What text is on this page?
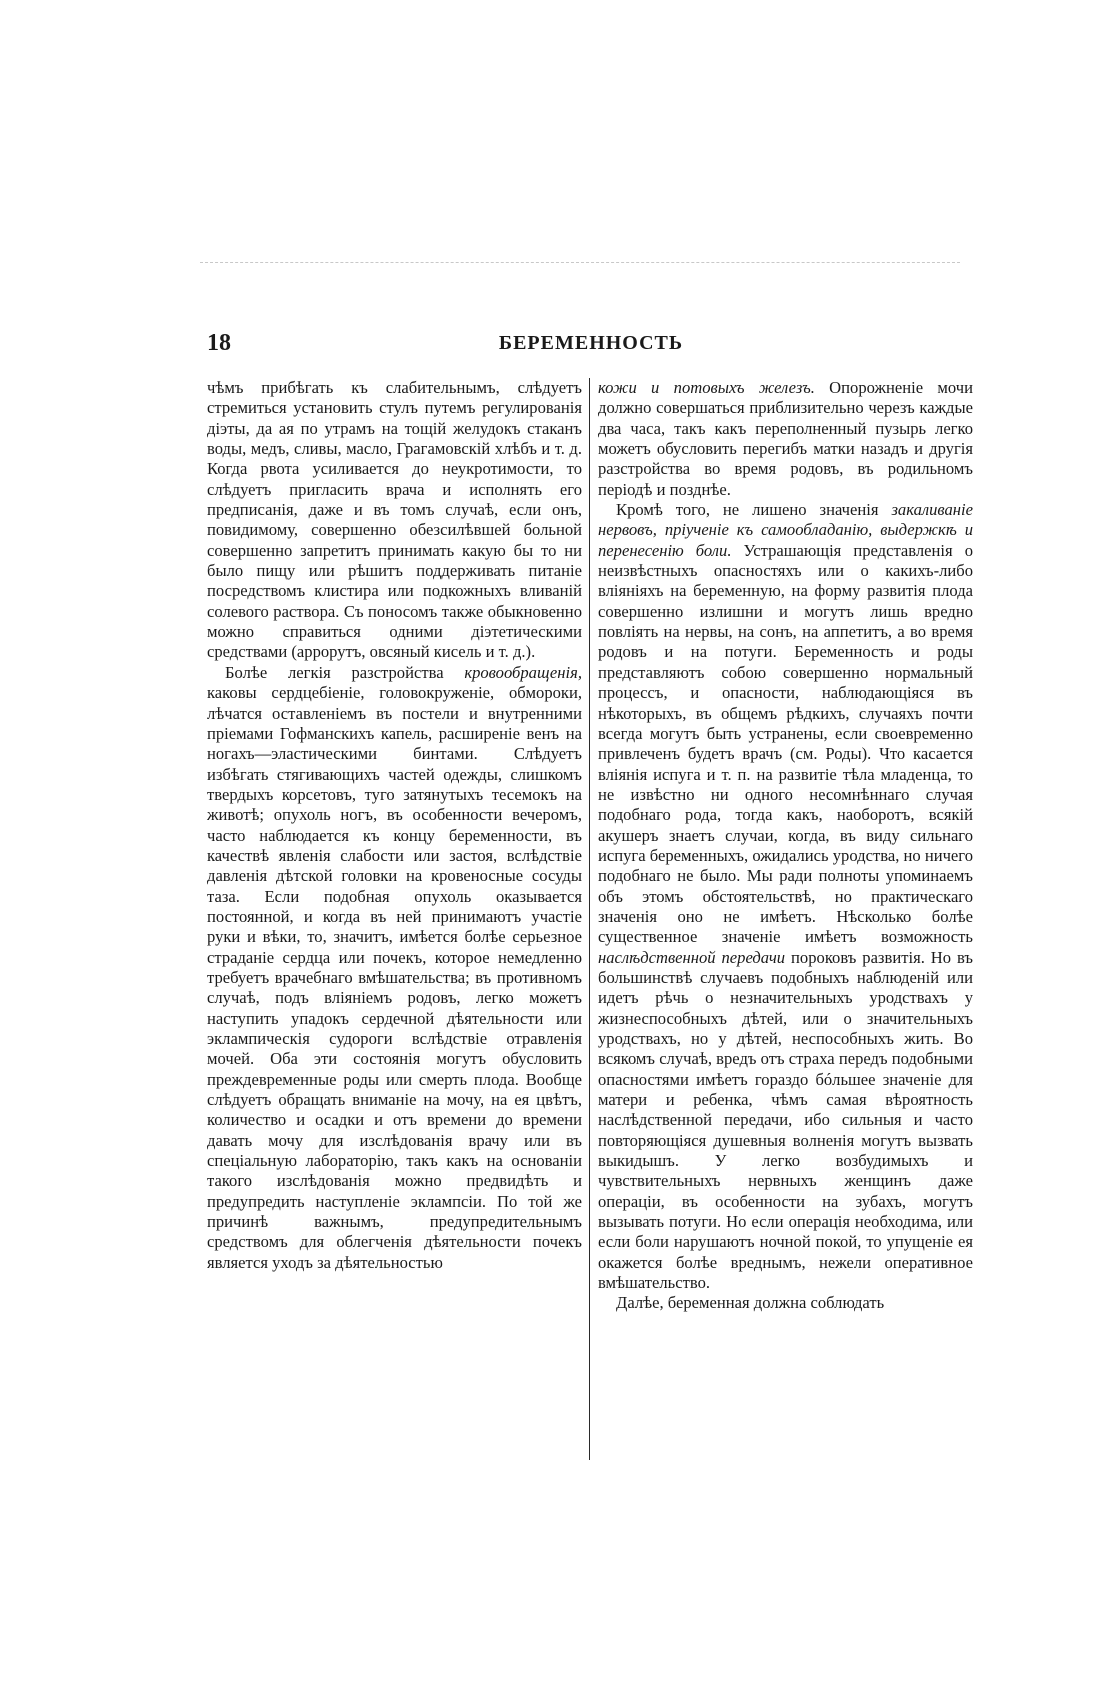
18	БЕРЕМЕННОСТЬ

чѣмъ прибѣгать къ слабительнымъ, слѣдуетъ стремиться установить стулъ путемъ регулированія діэты, да ая по утрамъ на тощій желудокъ стаканъ воды, медъ, сливы, масло, Грагамовскій хлѣбъ и т. д. Когда рвота усиливается до неукротимости, то слѣдуетъ пригласить врача и исполнять его предписанія, даже и въ томъ случаѣ, если онъ, повидимому, совершенно обезсилѣвшей больной совершенно запретитъ принимать какую бы то ни было пищу или рѣшитъ поддерживать питаніе посредствомъ клистира или подкожныхъ вливаній солевого раствора. Съ поносомъ также обыкновенно можно справиться одними діэтетическими средствами (аррорутъ, овсяный кисель и т. д.).

Болѣе легкія разстройства кровообращенія, каковы сердцебіеніе, головокруженіе, обмороки, лѣчатся оставленіемъ въ постели и внутренними пріемами Гофманскихъ капель, расширеніе венъ на ногахъ—эластическими бинтами. Слѣдуетъ избѣгать стягивающихъ частей одежды, слишкомъ твердыхъ корсетовъ, туго затянутыхъ тесемокъ на животѣ; опухоль ногъ, въ особенности вечеромъ, часто наблюдается къ концу беременности, въ качествѣ явленія слабости или застоя, вслѣдствіе давленія дѣтской головки на кровеносные сосуды таза. Если подобная опухоль оказывается постоянной, и когда въ ней принимаютъ участіе руки и вѣки, то, значитъ, имѣется болѣе серьезное страданіе сердца или почекъ, которое немедленно требуетъ врачебнаго вмѣшательства; въ противномъ случаѣ, подъ вліяніемъ родовъ, легко можетъ наступить упадокъ сердечной дѣятельности или эклампическія судороги вслѣдствіе отравленія мочей. Оба эти состоянія могутъ обусловить преждевременные роды или смерть плода. Вообще слѣдуетъ обращать вниманіе на мочу, на ея цвѣтъ, количество и осадки и отъ времени до времени давать мочу для изслѣдованія врачу или въ спеціальную лабораторію, такъ какъ на основаніи такого изслѣдованія можно предвидѣть и предупредить наступленіе эклампсіи. По той же причинѣ важнымъ, предупредительнымъ средствомъ для облегченія дѣятельности почекъ является уходъ за дѣятельностью

кожи и потовыхъ железъ. Опорожненіе мочи должно совершаться приблизительно черезъ каждые два часа, такъ какъ переполненный пузырь легко можетъ обусловить перегибъ матки назадъ и другія разстройства во время родовъ, въ родильномъ періодѣ и позднѣе.

Кромѣ того, не лишено значенія закаливаніе нервовъ, пріученіе къ самообладанію, выдержкѣ и перенесенію боли. Устрашающія представленія о неизвѣстныхъ опасностяхъ или о какихъ-либо вліяніяхъ на беременную, на форму развитія плода совершенно излишни и могутъ лишь вредно повліять на нервы, на сонъ, на аппетитъ, а во время родовъ и на потуги. Беременность и роды представляютъ собою совершенно нормальный процессъ, и опасности, наблюдающіяся въ нѣкоторыхъ, въ общемъ рѣдкихъ, случаяхъ почти всегда могутъ быть устранены, если своевременно привлеченъ будетъ врачъ (см. Роды). Что касается вліянія испуга и т. п. на развитіе тѣла младенца, то не извѣстно ни одного несомнѣннаго случая подобнаго рода, тогда какъ, наоборотъ, всякій акушеръ знаетъ случаи, когда, въ виду сильнаго испуга беременныхъ, ожидались уродства, но ничего подобнаго не было. Мы ради полноты упоминаемъ объ этомъ обстоятельствѣ, но практическаго значенія оно не имѣетъ. Нѣсколько болѣе существенное значеніе имѣетъ возможность наслѣдственной передачи пороковъ развитія. Но въ большинствѣ случаевъ подобныхъ наблюденій или идетъ рѣчь о незначительныхъ уродствахъ у жизнеспособныхъ дѣтей, или о значительныхъ уродствахъ, но у дѣтей, неспособныхъ жить. Во всякомъ случаѣ, вредъ отъ страха передъ подобными опасностями имѣетъ гораздо бóльшее значеніе для матери и ребенка, чѣмъ самая вѣроятность наслѣдственной передачи, ибо сильныя и часто повторяющіяся душевныя волненія могутъ вызвать выкидышъ. У легко возбудимыхъ и чувствительныхъ нервныхъ женщинъ даже операціи, въ особенности на зубахъ, могутъ вызывать потуги. Но если операція необходима, или если боли нарушаютъ ночной покой, то упущеніе ея окажется болѣе вреднымъ, нежели оперативное вмѣшательство.

Далѣе, беременная должна соблюдать
